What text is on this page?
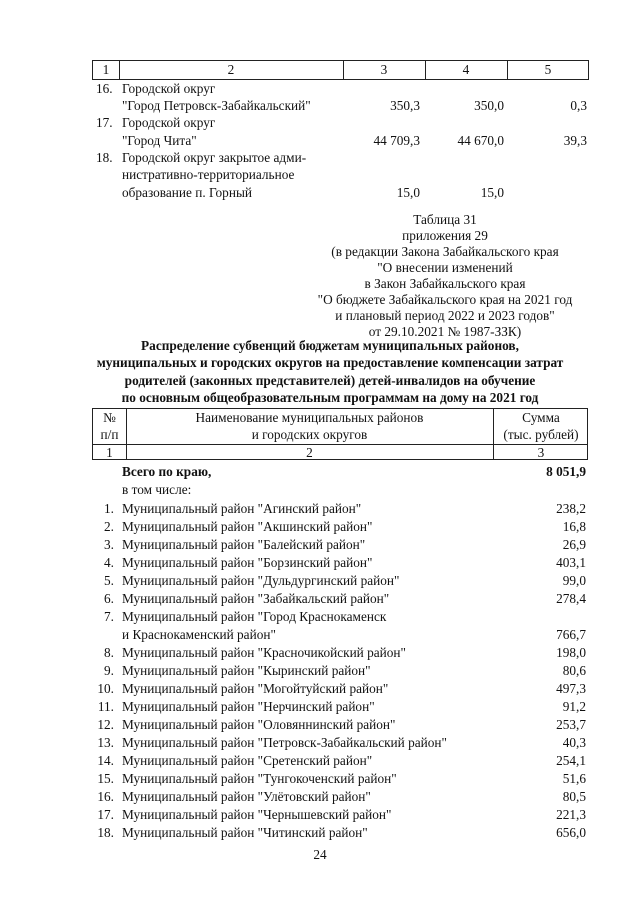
1	2	3	4	5
16. Городской округ
"Город Петровск-Забайкальский"	350,3	350,0	0,3
17. Городской округ
"Город Чита"	44 709,3	44 670,0	39,3
18. Городской округ закрытое адми-
нистративно-территориальное
образование п. Горный	15,0	15,0
Таблица 31
приложения 29
(в редакции Закона Забайкальского края
"О внесении изменений
в Закон Забайкальского края
"О бюджете Забайкальского края на 2021 год
и плановый период 2022 и 2023 годов"
от 29.10.2021 № 1987-ЗЗК)
Распределение субвенций бюджетам муниципальных районов,
муниципальных и городских округов на предоставление компенсации затрат
родителей (законных представителей) детей-инвалидов на обучение
по основным общеобразовательным программам на дому на 2021 год
№
п/п
Наименование муниципальных районов
и городских округов
Сумма
(тыс. рублей)
1	2	3
Всего по краю,	8 051,9
в том числе:
1. Муниципальный район "Агинский район"	238,2
2. Муниципальный район "Акшинский район"	16,8
3. Муниципальный район "Балейский район"	26,9
4. Муниципальный район "Борзинский район"	403,1
5. Муниципальный район "Дульдургинский район"	99,0
6. Муниципальный район "Забайкальский район"	278,4
7. Муниципальный район "Город Краснокаменск
и Краснокаменский район"	766,7
8. Муниципальный район "Красночикойский район"	198,0
9. Муниципальный район "Кыринский район"	80,6
10. Муниципальный район "Могойтуйский район"	497,3
11. Муниципальный район "Нерчинский район"	91,2
12. Муниципальный район "Оловяннинский район"	253,7
13. Муниципальный район "Петровск-Забайкальский район"	40,3
14. Муниципальный район "Сретенский район"	254,1
15. Муниципальный район "Тунгокоченский район"	51,6
16. Муниципальный район "Улётовский район"	80,5
17. Муниципальный район "Чернышевский район"	221,3
18. Муниципальный район "Читинский район"	656,0
24
